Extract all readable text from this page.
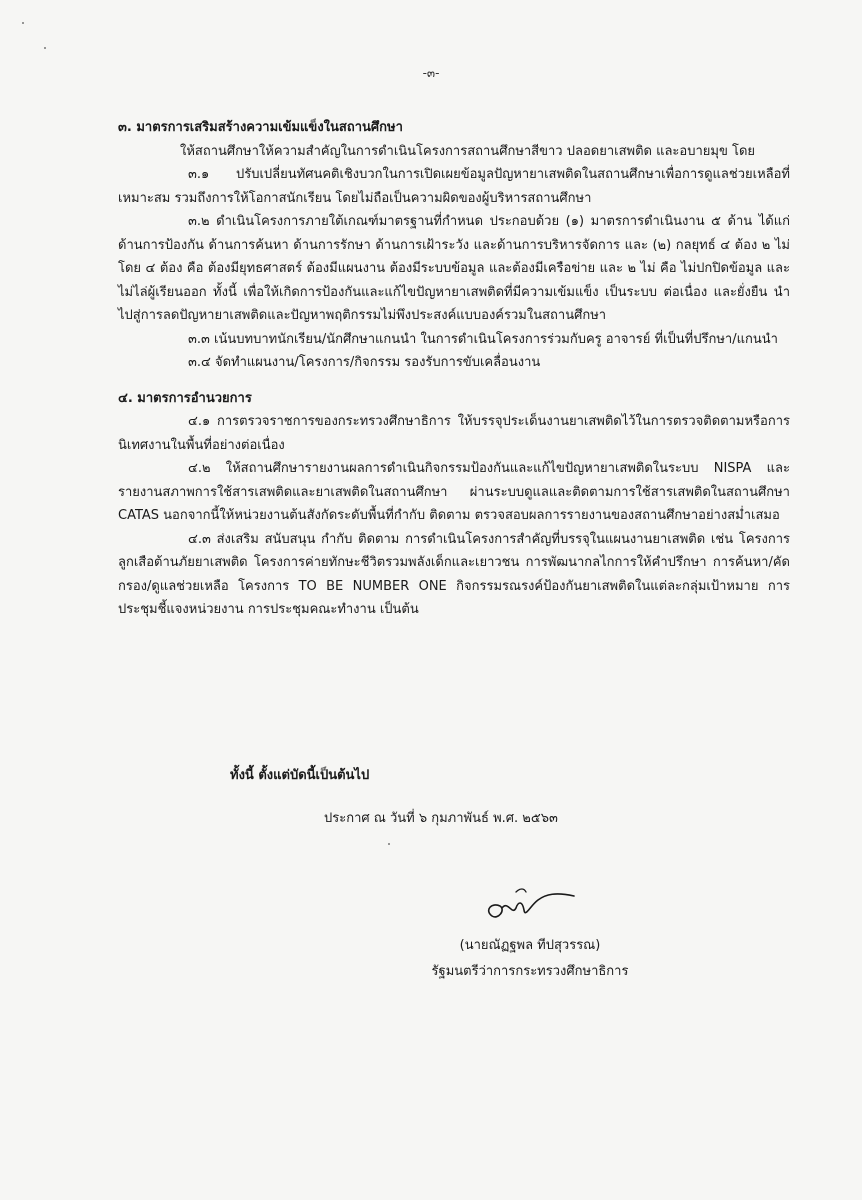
-๓-

๓. มาตรการเสริมสร้างความเข้มแข็งในสถานศึกษา

ให้สถานศึกษาให้ความสำคัญในการดำเนินโครงการสถานศึกษาสีขาว ปลอดยาเสพติด และอบายมุข โดย

๓.๑ ปรับเปลี่ยนทัศนคติเชิงบวกในการเปิดเผยข้อมูลปัญหายาเสพติดในสถานศึกษาเพื่อการดูแลช่วยเหลือที่เหมาะสม รวมถึงการให้โอกาสนักเรียน โดยไม่ถือเป็นความผิดของผู้บริหารสถานศึกษา

๓.๒ ดำเนินโครงการภายใต้เกณฑ์มาตรฐานที่กำหนด ประกอบด้วย (๑) มาตรการดำเนินงาน ๕ ด้าน ได้แก่ ด้านการป้องกัน ด้านการค้นหา ด้านการรักษา ด้านการเฝ้าระวัง และด้านการบริหารจัดการ และ (๒) กลยุทธ์ ๔ ต้อง ๒ ไม่ โดย ๔ ต้อง คือ ต้องมียุทธศาสตร์ ต้องมีแผนงาน ต้องมีระบบข้อมูล และต้องมีเครือข่าย และ ๒ ไม่ คือ ไม่ปกปิดข้อมูล และไม่ไล่ผู้เรียนออก ทั้งนี้ เพื่อให้เกิดการป้องกันและแก้ไขปัญหายาเสพติดที่มีความเข้มแข็ง เป็นระบบ ต่อเนื่อง และยั่งยืน นำไปสู่การลดปัญหายาเสพติดและปัญหาพฤติกรรมไม่พึงประสงค์แบบองค์รวมในสถานศึกษา

๓.๓ เน้นบทบาทนักเรียน/นักศึกษาแกนนำ ในการดำเนินโครงการร่วมกับครู อาจารย์ ที่เป็นที่ปรึกษา/แกนนำ

๓.๔ จัดทำแผนงาน/โครงการ/กิจกรรม รองรับการขับเคลื่อนงาน

๔. มาตรการอำนวยการ

๔.๑ การตรวจราชการของกระทรวงศึกษาธิการ ให้บรรจุประเด็นงานยาเสพติดไว้ในการตรวจติดตามหรือการนิเทศงานในพื้นที่อย่างต่อเนื่อง

๔.๒ ให้สถานศึกษารายงานผลการดำเนินกิจกรรมป้องกันและแก้ไขปัญหายาเสพติดในระบบ NISPA และรายงานสภาพการใช้สารเสพติดและยาเสพติดในสถานศึกษา ผ่านระบบดูแลและติดตามการใช้สารเสพติดในสถานศึกษา CATAS นอกจากนี้ให้หน่วยงานต้นสังกัดระดับพื้นที่กำกับ ติดตาม ตรวจสอบผลการรายงานของสถานศึกษาอย่างสม่ำเสมอ

๔.๓ ส่งเสริม สนับสนุน กำกับ ติดตาม การดำเนินโครงการสำคัญที่บรรจุในแผนงานยาเสพติด เช่น โครงการลูกเสือต้านภัยยาเสพติด โครงการค่ายทักษะชีวิตรวมพลังเด็กและเยาวชน การพัฒนากลไกการให้คำปรึกษา การค้นหา/คัดกรอง/ดูแลช่วยเหลือ โครงการ TO BE NUMBER ONE กิจกรรมรณรงค์ป้องกันยาเสพติดในแต่ละกลุ่มเป้าหมาย การประชุมชี้แจงหน่วยงาน การประชุมคณะทำงาน เป็นต้น

ทั้งนี้ ตั้งแต่บัดนี้เป็นต้นไป
ประกาศ ณ วันที่ ๖ กุมภาพันธ์ พ.ศ. ๒๕๖๓
(นายณัฏฐพล ทีปสุวรรณ)
รัฐมนตรีว่าการกระทรวงศึกษาธิการ
